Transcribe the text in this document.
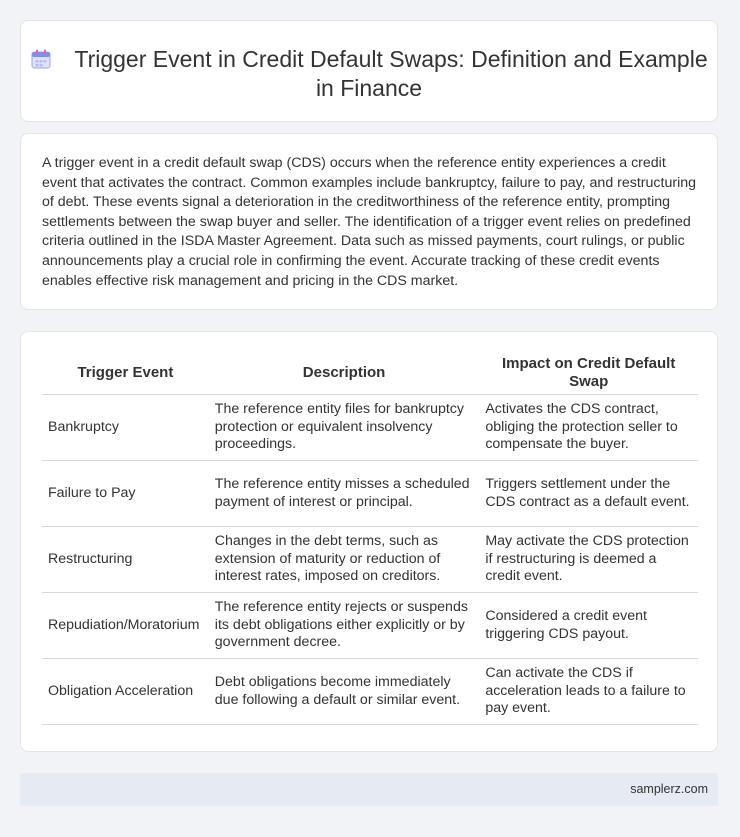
Trigger Event in Credit Default Swaps: Definition and Example in Finance

A trigger event in a credit default swap (CDS) occurs when the reference entity experiences a credit event that activates the contract. Common examples include bankruptcy, failure to pay, and restructuring of debt. These events signal a deterioration in the creditworthiness of the reference entity, prompting settlements between the swap buyer and seller. The identification of a trigger event relies on predefined criteria outlined in the ISDA Master Agreement. Data such as missed payments, court rulings, or public announcements play a crucial role in confirming the event. Accurate tracking of these credit events enables effective risk management and pricing in the CDS market.

Trigger Event	Description	Impact on Credit Default Swap
Bankruptcy	The reference entity files for bankruptcy protection or equivalent insolvency proceedings.	Activates the CDS contract, obliging the protection seller to compensate the buyer.
Failure to Pay	The reference entity misses a scheduled payment of interest or principal.	Triggers settlement under the CDS contract as a default event.
Restructuring	Changes in the debt terms, such as extension of maturity or reduction of interest rates, imposed on creditors.	May activate the CDS protection if restructuring is deemed a credit event.
Repudiation/Moratorium	The reference entity rejects or suspends its debt obligations either explicitly or by government decree.	Considered a credit event triggering CDS payout.
Obligation Acceleration	Debt obligations become immediately due following a default or similar event.	Can activate the CDS if acceleration leads to a failure to pay event.
samplerz.com
